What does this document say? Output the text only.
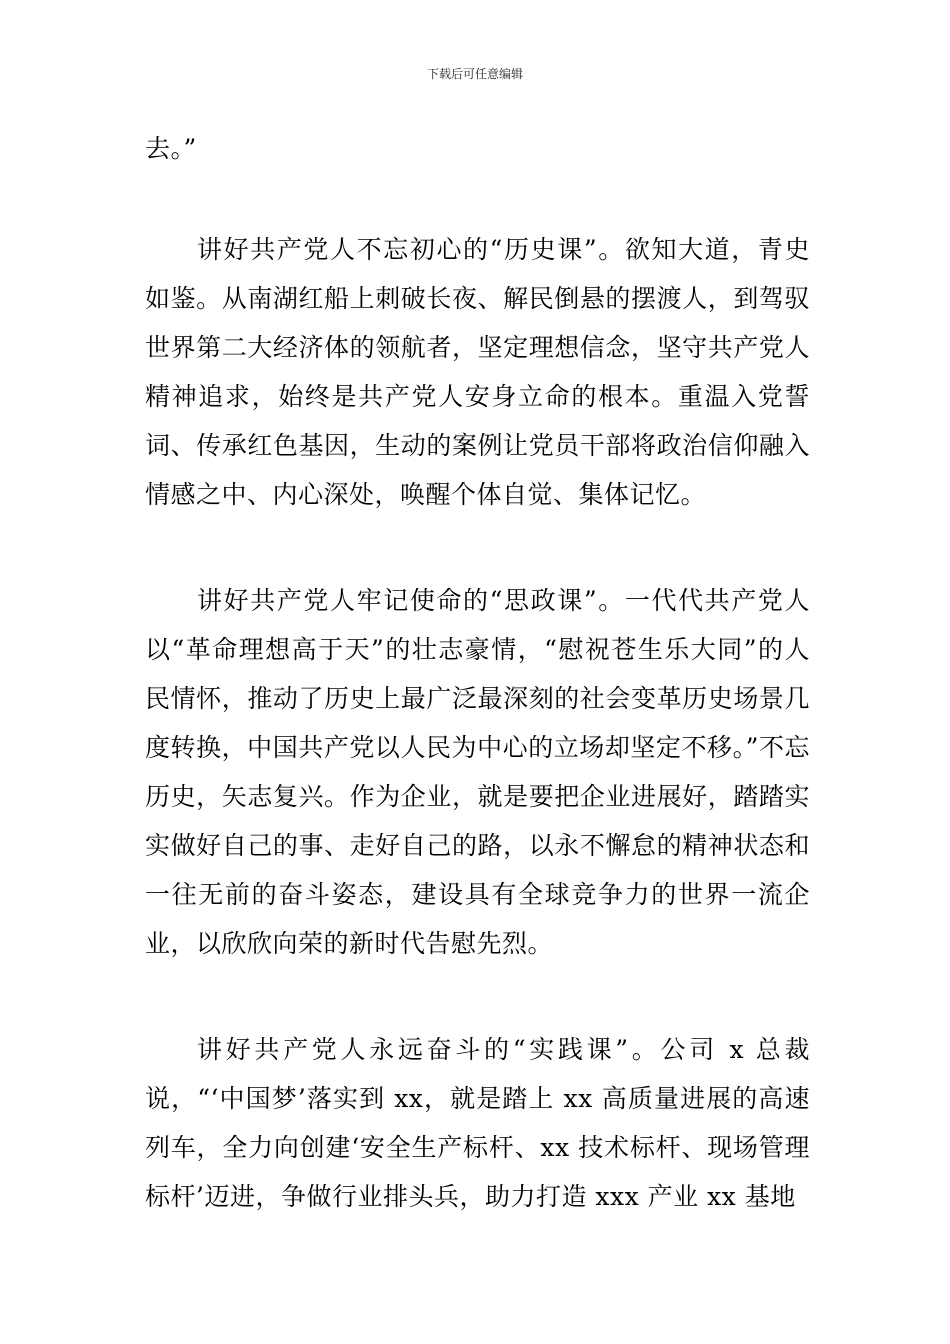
下载后可任意编辑

去。”

讲好共产党人不忘初心的“历史课”。欲知大道，青史如鉴。从南湖红船上刺破长夜、解民倒悬的摆渡人，到驾驭世界第二大经济体的领航者，坚定理想信念，坚守共产党人精神追求，始终是共产党人安身立命的根本。重温入党誓词、传承红色基因，生动的案例让党员干部将政治信仰融入情感之中、内心深处，唤醒个体自觉、集体记忆。

讲好共产党人牢记使命的“思政课”。一代代共产党人以“革命理想高于天”的壮志豪情，“慰祝苍生乐大同”的人民情怀，推动了历史上最广泛最深刻的社会变革历史场景几度转换，中国共产党以人民为中心的立场却坚定不移。”不忘历史，矢志复兴。作为企业，就是要把企业进展好，踏踏实实做好自己的事、走好自己的路，以永不懈怠的精神状态和一往无前的奋斗姿态，建设具有全球竞争力的世界一流企业，以欣欣向荣的新时代告慰先烈。

讲好共产党人永远奋斗的“实践课”。公司 x 总裁说，“‘中国梦’落实到 xx，就是踏上 xx 高质量进展的高速列车，全力向创建‘安全生产标杆、xx 技术标杆、现场管理标杆’迈进，争做行业排头兵，助力打造 xxx 产业 xx 基地
